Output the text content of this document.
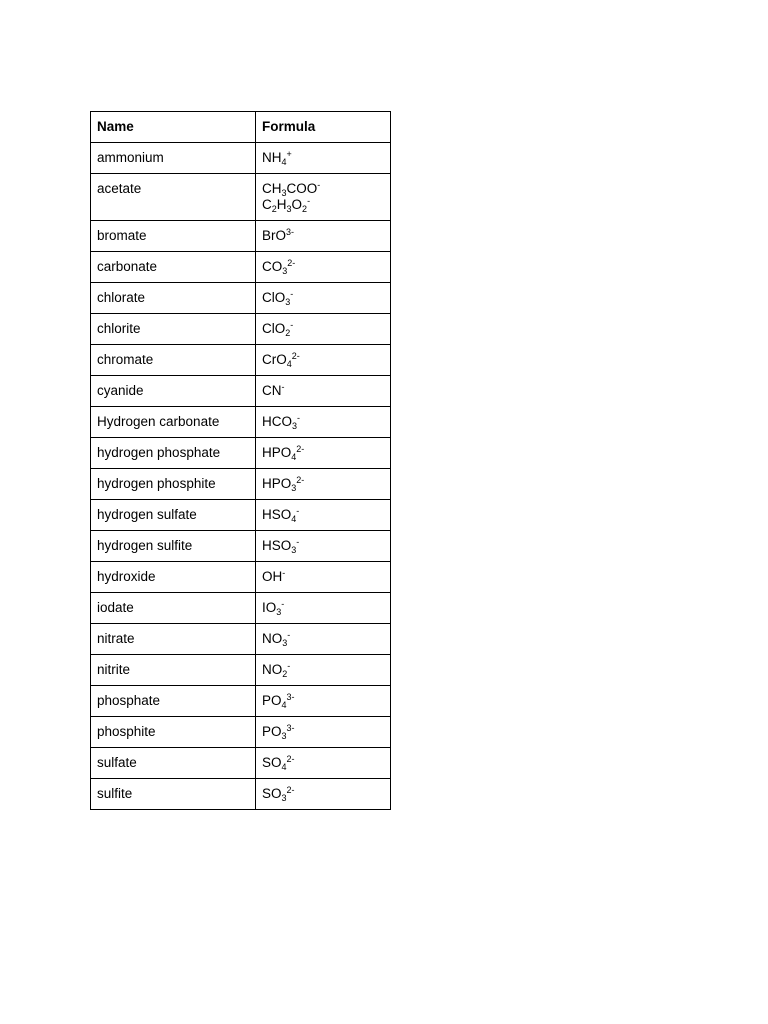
Name	Formula
ammonium	$NH_4^+$

acetate	$CH_3COO^-$
$C_2H_3O_2^-$

bromate	BrO$^{3-}$

carbonate	$CO_3^{2-}$

chlorate	ClO$_3$-

chlorite	ClO$_2$-

chromate	CrO$_4^{2-}$

cyanide	CN-

Hydrogen carbonate	$HCO_3^-$

hydrogen phosphate	$HPO_4^{2-}$

hydrogen phosphite	$HPO_3^{2-}$

hydrogen sulfate	$HSO_4^-$

hydrogen sulfite	$HSO_3^-$

hydroxide	OH-

iodate	$IO_3^-$

nitrate	$NO_3^-$

nitrite	$NO_2^-$

phosphate	$PO_4^{3-}$

phosphite	$PO_3^{3-}$

sulfate	$SO_4^{2-}$

sulfite	$SO_3^{2-}$
